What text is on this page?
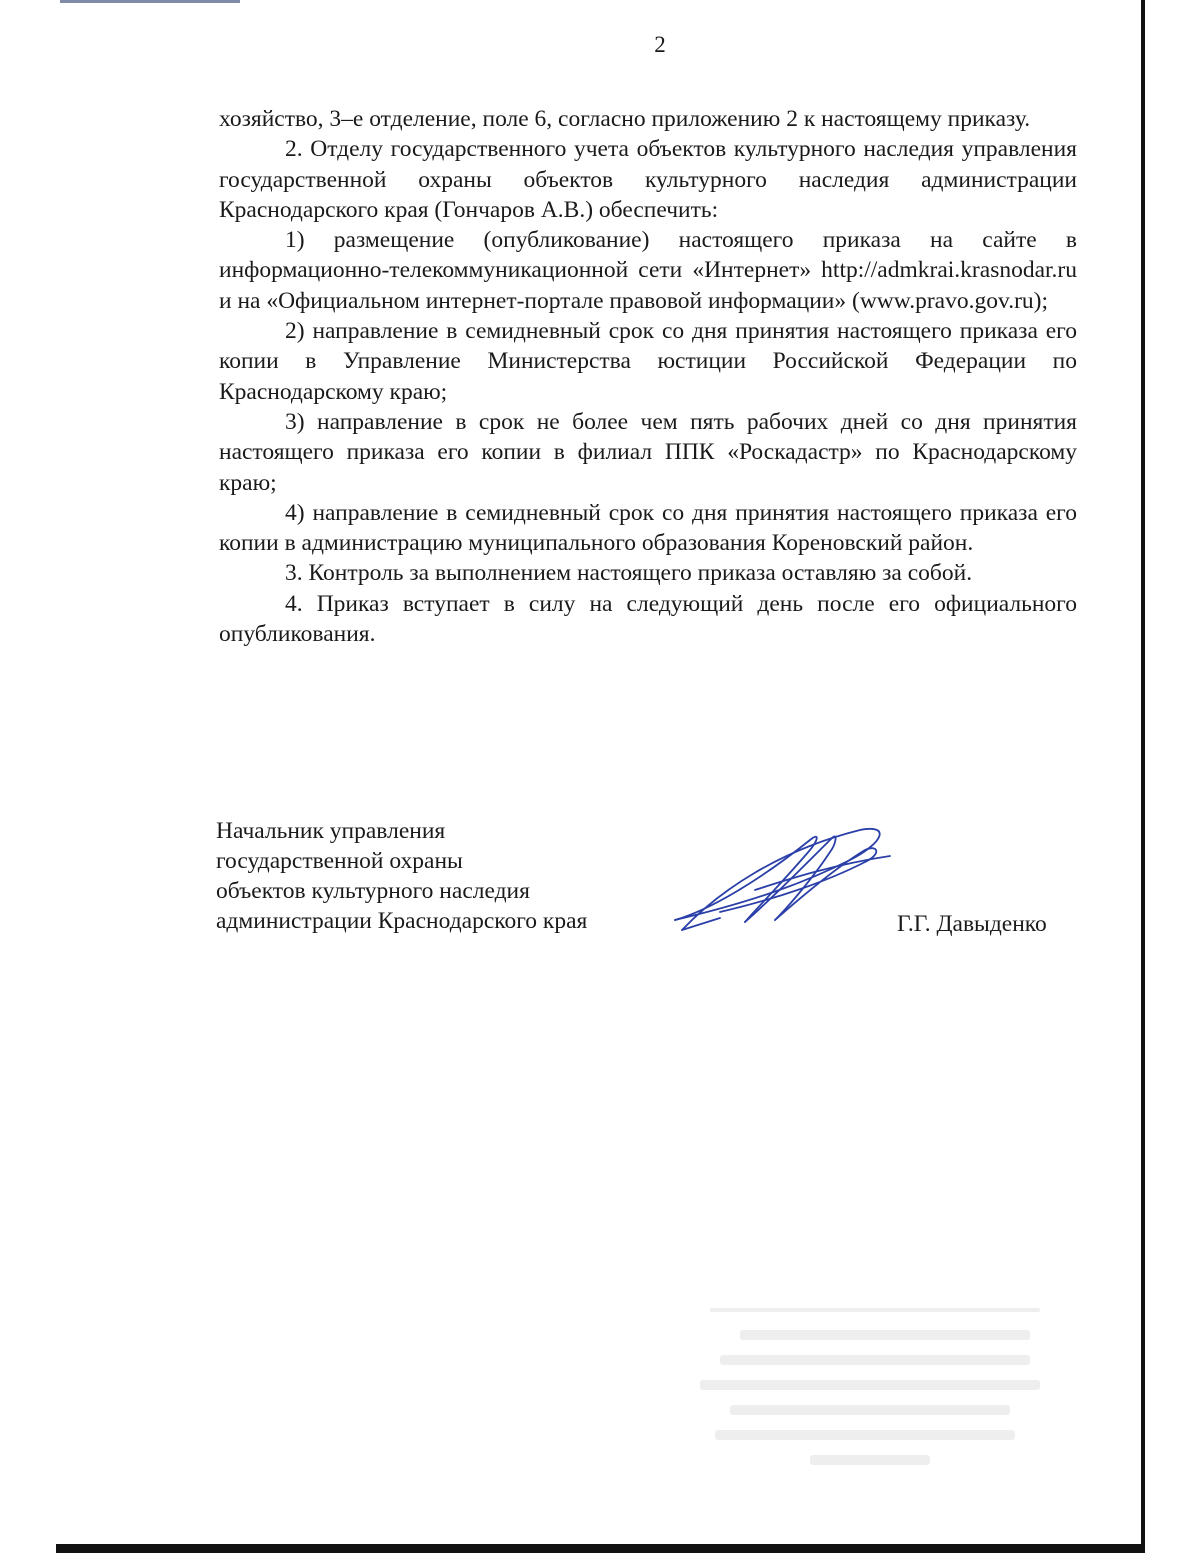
2

хозяйство, 3–е отделение, поле 6, согласно приложению 2 к настоящему приказу.

2. Отделу государственного учета объектов культурного наследия управления государственной охраны объектов культурного наследия администрации Краснодарского края (Гончаров А.В.) обеспечить:

1) размещение (опубликование) настоящего приказа на сайте в информационно-телекоммуникационной сети «Интернет» http://admkrai.krasnodar.ru и на «Официальном интернет-портале правовой информации» (www.pravo.gov.ru);

2) направление в семидневный срок со дня принятия настоящего приказа его копии в Управление Министерства юстиции Российской Федерации по Краснодарскому краю;

3) направление в срок не более чем пять рабочих дней со дня принятия настоящего приказа его копии в филиал ППК «Роскадастр» по Краснодарскому краю;

4) направление в семидневный срок со дня принятия настоящего приказа его копии в администрацию муниципального образования Кореновский район.

3. Контроль за выполнением настоящего приказа оставляю за собой.

4. Приказ вступает в силу на следующий день после его официального опубликования.

Начальник управления
государственной охраны
объектов культурного наследия
администрации Краснодарского края	Г.Г. Давыденко
